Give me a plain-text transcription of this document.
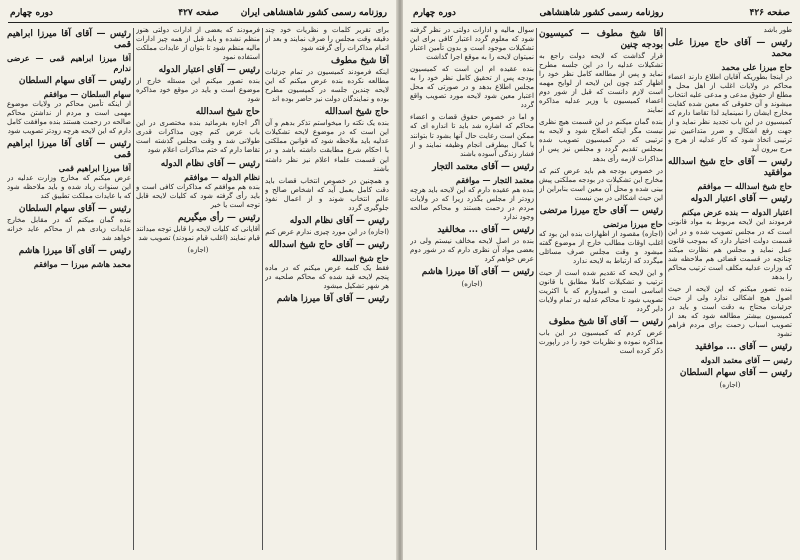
روزنامه رسمی کشور شاهنشاهی ایران
صفحه ۴۲۷
دوره چهارم
برای تقریر کلمات و نظریات خود چند دقیقه وقت مجلس را صرف نمایند و بعد از اتمام مذاکرات رأی گرفته شود
آقا شیخ مطوف
اینکه فرمودند کمیسیون در تمام جزئیات مطالعه نکرده بنده عرض میکنم که این لایحه چندین جلسه در کمیسیون مطرح بوده و نمایندگان دولت نیز حاضر بوده اند
حاج شیخ اسدالله
بنده یک نکته را میخواستم تذکر بدهم و آن این است که در موضوع لایحه تشکیلات عدلیه باید ملاحظه شود که قوانین مملکتی با احکام شرع مطابقت داشته باشد و در این قسمت علماء اعلام نیز نظر داشته باشند
و همچنین در خصوص انتخاب قضات باید دقت کامل بعمل آید که اشخاص صالح و عالم انتخاب شوند و از اعمال نفوذ جلوگیری گردد
رئیس — آقای نظام الدوله
(اجازه) در این مورد چیزی ندارم عرض کنم
رئیس — آقای حاج شیخ اسدالله
حاج شیخ اسدالله
فقط یک کلمه عرض میکنم که در ماده پنجم لایحه قید شده که محاکم صلحیه در هر شهر تشکیل میشود
رئیس — آقای آقا میرزا هاشم
فرمودند که بعضی از ادارات دولتی هنوز منظم نشده و باید قبل از همه چیز ادارات مالیه منظم شود تا بتوان از عایدات مملکت استفاده نمود
رئیس — آقای اعتبار الدوله
بنده تصور میکنم این مسئله خارج از موضوع است و باید در موقع خود مذاکره شود
حاج شیخ اسدالله
اگر اجازه بفرمائید بنده مختصری در این باب عرض کنم چون مذاکرات قدری طولانی شد و وقت مجلس گذشته است تقاضا دارم که ختم مذاکرات اعلام شود
رئیس — آقای نظام الدوله
نظام الدوله — موافقم
بنده هم موافقم که مذاکرات کافی است و باید رأی گرفته شود که کلیات لایحه قابل توجه است یا خیر
رئیس — رأی میگیریم
آقایانی که کلیات لایحه را قابل توجه میدانند قیام نمایند (اغلب قیام نمودند) تصویب شد
(اجازه)
رئیس — آقای آقا میرزا ابراهیم قمی
آقا میرزا ابراهیم قمی — عرضی ندارم
رئیس — آقای سهام السلطان
سهام السلطان — موافقم
از اینکه تأمین محاکم در ولایات موضوع مهمی است و مردم از نداشتن محاکم صالحه در زحمت هستند بنده موافقت کامل دارم که این لایحه هرچه زودتر تصویب شود
رئیس — آقای آقا میرزا ابراهیم قمی
آقا میرزا ابراهیم قمی
عرض میکنم که مخارج وزارت عدلیه در این سنوات زیاد شده و باید ملاحظه شود که با عایدات مملکت تطبیق کند
رئیس — آقای سهام السلطان
بنده گمان میکنم که در مقابل مخارج عایدات زیادی هم از محاکم عاید خزانه خواهد شد
رئیس — آقای آقا میرزا هاشم
محمد هاشم میرزا — موافقم
صفحه ۴۲۶
روزنامه رسمی کشور شاهنشاهی
دوره چهارم
طور باشد
رئیس — آقای حاج میرزا علی محمد
حاج میرزا علی محمد
در اینجا بطوریکه آقایان اطلاع دارند اعضاء محاکم در ولایات اغلب از اهل محل و مطلع از حقوق مدعی و مدعی علیه انتخاب میشوند و آن حقوقی که معین شده کفایت مخارج ایشان را نمینماید لذا تقاضا دارم که کمیسیون در این باب تجدید نظر نماید و از جهت رفع اشکال و ضرر متداعیین نیز ترتیبی اتخاذ شود که کار عدلیه از هرج و مرج بیرون آید
رئیس — آقای حاج شیخ اسدالله موافقید
حاج شیخ اسدالله — موافقم
رئیس — آقای اعتبار الدوله
اعتبار الدوله — بنده عرض میکنم
فرمودند این لایحه مربوط به مواد قانونی است که در مجلس تصویب شده و در این قسمت دولت اختیار دارد که بموجب قانون عمل نماید و مجلس هم نظارت میکند چنانچه در قسمت قضائی هم ملاحظه شد که وزارت عدلیه مکلف است ترتیب محاکم را بدهد
بنده تصور میکنم که این لایحه از حیث اصول هیچ اشکالی ندارد ولی از حیث جزئیات محتاج به دقت است و باید در کمیسیون بیشتر مطالعه شود که بعد از تصویب اسباب زحمت برای مردم فراهم نشود
رئیس — آقای ... موافقید
رئیس — آقای معتمد الدوله
رئیس — آقای سهام السلطان
(اجازه)
آقا شیخ مطوف — کمیسیون بودجه چنین
قرار گذاشت که لایحه دولت راجع به تشکیلات عدلیه را در این جلسه مطرح نماید و پس از مطالعه کامل نظر خود را اظهار کند چون این لایحه از لوایح مهمه است لازم دانست که قبل از شور دوم اعضاء کمیسیون با وزیر عدلیه مذاکره نمایند
بنده گمان میکنم در این قسمت هیچ نظری نیست مگر اینکه اصلاح شود و لایحه به ترتیبی که در کمیسیون تصویب شده بمجلس تقدیم گردد و مجلس نیز پس از مذاکرات لازمه رأی بدهد
در خصوص بودجه هم باید عرض کنم که مخارج این تشکیلات در بودجه مملکتی پیش بینی شده و محل آن معین است بنابراین از این حیث اشکالی در بین نیست
رئیس — آقای حاج میرزا مرتضی
حاج میرزا مرتضی
(اجازه) مقصود از اظهارات بنده این بود که اغلب اوقات مطالب خارج از موضوع گفته میشود و وقت مجلس صرف مسائلی میگردد که ارتباط به لایحه ندارد
و این لایحه که تقدیم شده است از حیث ترتیب و تشکیلات کاملا مطابق با قانون اساسی است و امیدوارم که با اکثریت تصویب شود تا محاکم عدلیه در تمام ولایات دایر گردد
رئیس — آقای آقا شیخ مطوف
عرض کردم که کمیسیون در این باب مذاکره نموده و نظریات خود را در راپورت ذکر کرده است
سوال مالیه و ادارات دولتی در نظر گرفته شود که معلوم گردد اعتبار کافی برای این تشکیلات موجود است و بدون تأمین اعتبار نمیتوان لایحه را به موقع اجرا گذاشت
بنده عقیده ام این است که کمیسیون بودجه پس از تحقیق کامل نظر خود را به مجلس اطلاع بدهد و در صورتی که محل اعتبار معین شود لایحه مورد تصویب واقع گردد
و اما در خصوص حقوق قضات و اعضاء محاکم که اشاره شد باید تا اندازه ای که ممکن است رعایت حال آنها بشود تا بتوانند با کمال بیطرفی انجام وظیفه نمایند و از فشار زندگی آسوده باشند
رئیس — آقای معتمد التجار
معتمد التجار — موافقم
بنده هم عقیده دارم که این لایحه باید هرچه زودتر از مجلس بگذرد زیرا که در ولایات مردم در زحمت هستند و محاکم صالحه وجود ندارد
رئیس — آقای ... مخالفید
بنده در اصل لایحه مخالف نیستم ولی در بعضی مواد آن نظری دارم که در شور دوم عرض خواهم کرد
رئیس — آقای آقا میرزا هاشم
(اجازه)
